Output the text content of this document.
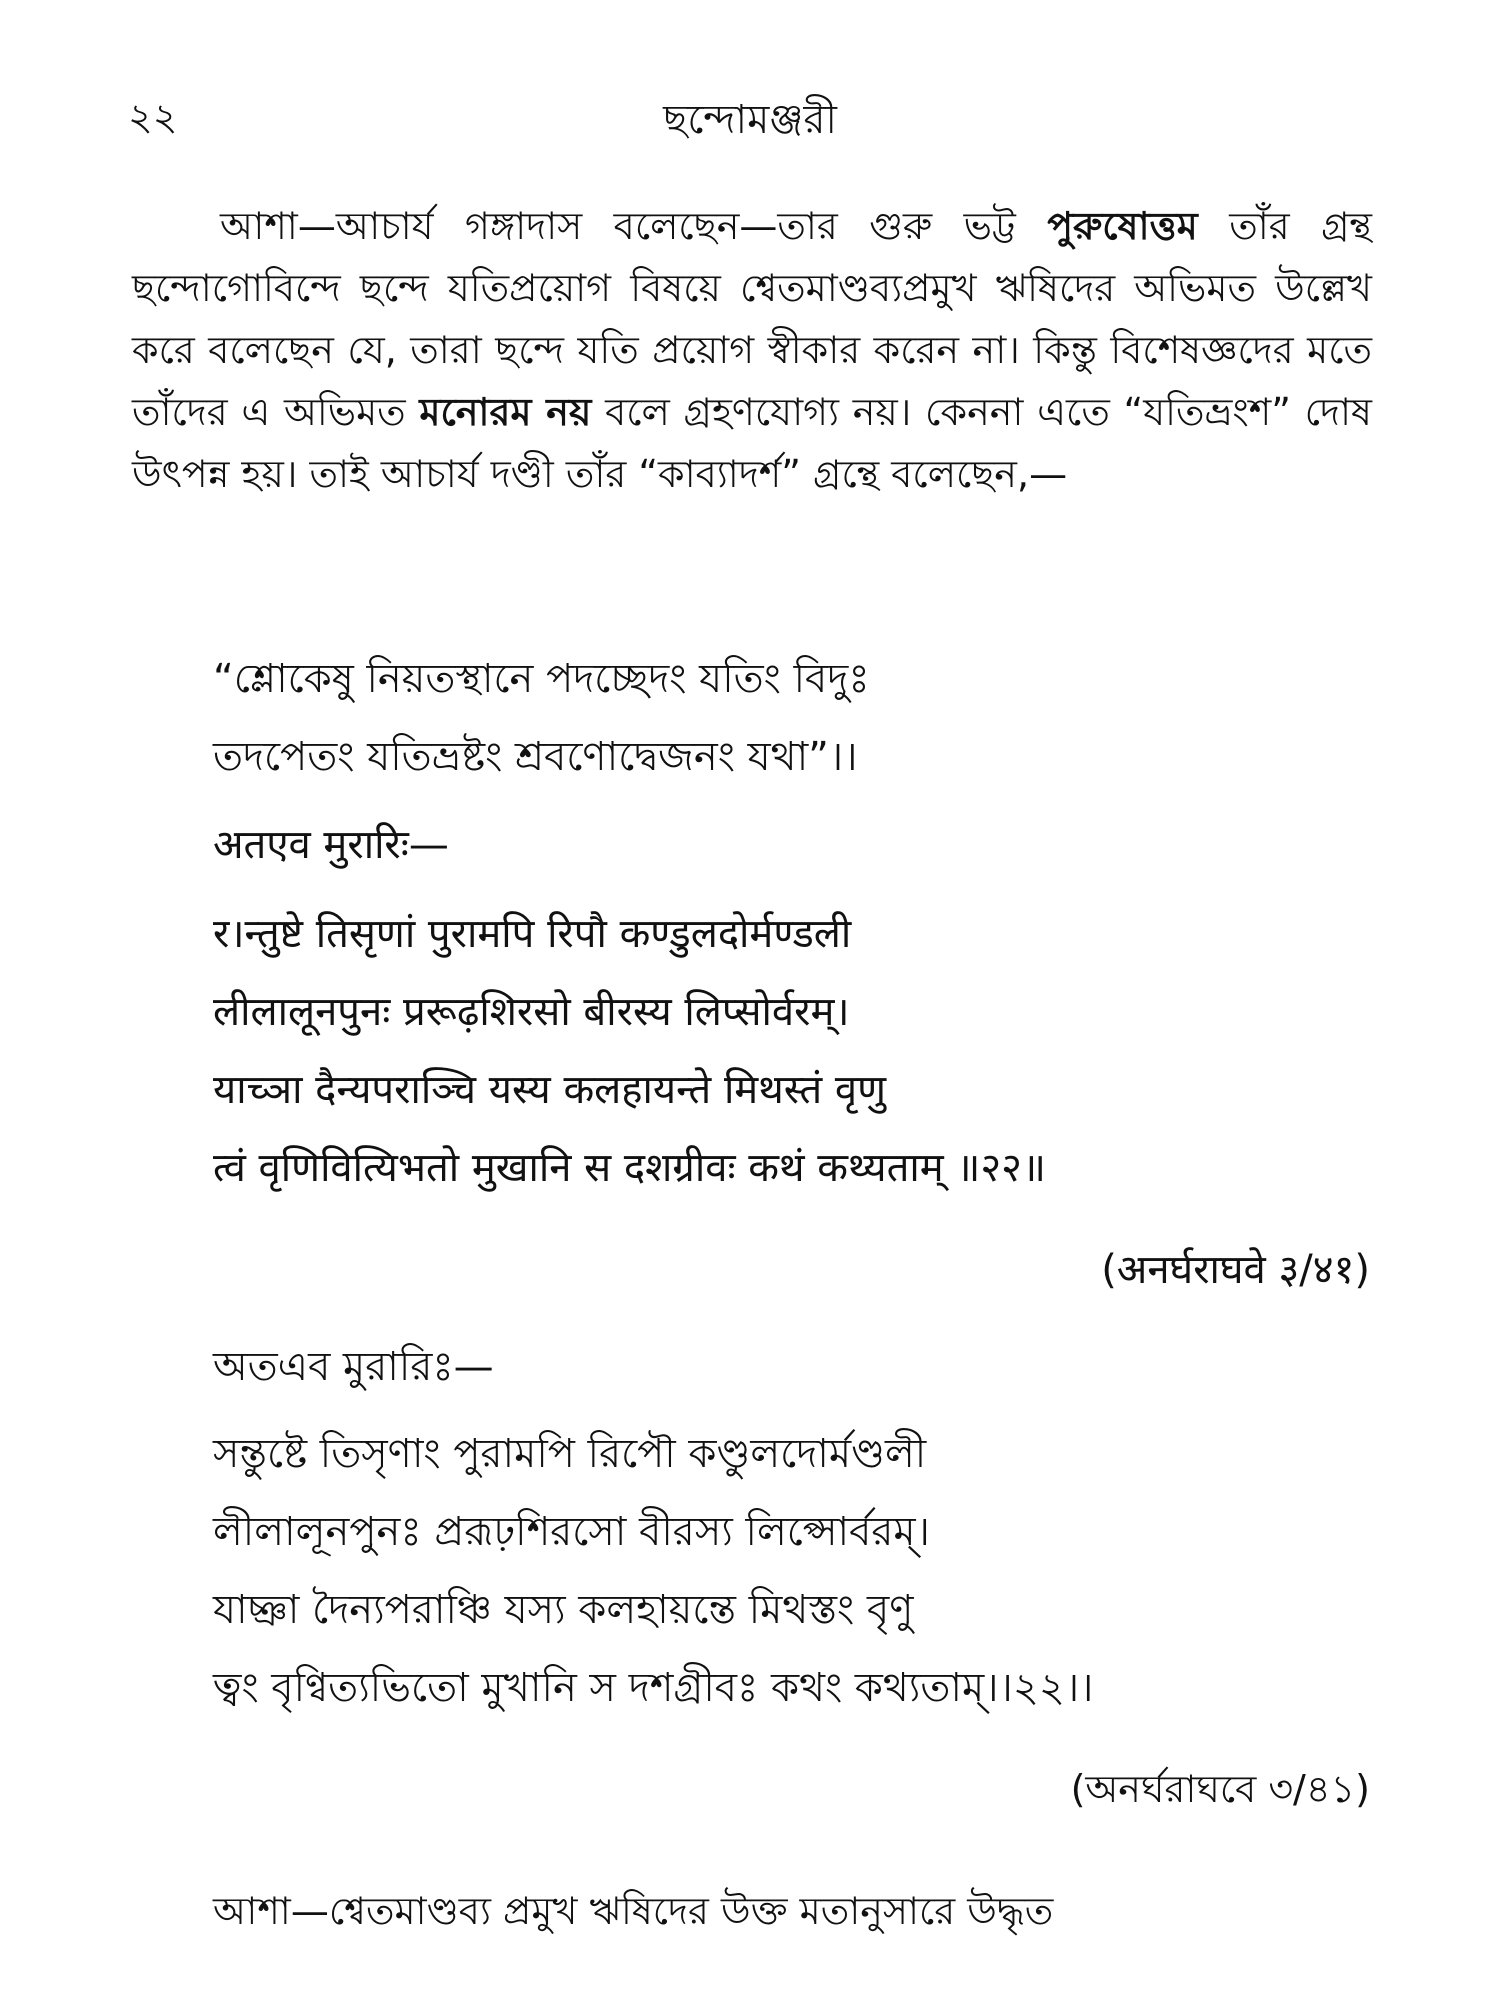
ছন্দোমঞ্জরী
২২
আশা—আচার্য গঙ্গাদাস বলেছেন—তার গুরু ভট্ট পুরুষোত্তম তাঁর গ্রন্থ ছন্দোগোবিন্দে ছন্দে যতিপ্রয়োগ বিষয়ে শ্বেতমাণ্ডব্যপ্রমুখ ঋষিদের অভিমত উল্লেখ করে বলেছেন যে, তারা ছন্দে যতি প্রয়োগ স্বীকার করেন না। কিন্তু বিশেষজ্ঞদের মতে তাঁদের এ অভিমত মনোরম নয় বলে গ্রহণযোগ্য নয়। কেননা এতে “যতিভ্রংশ” দোষ উৎপন্ন হয়। তাই আচার্য দণ্ডী তাঁর “কাব্যাদর্শ” গ্রন্থে বলেছেন,—
“শ্লোকেষু নিয়তস্থানে পদচ্ছেদং যতিং বিদুঃ
তদপেতং যতিভ্রষ্টং শ্রবণোদ্বেজনং যথা”।।
अतएव मुरारिः—
र।न्तुष्टे तिसृणां पुरामपि रिपौ कण्डुलदोर्मण्डली
लीलालूनपुनः प्ररूढ़शिरसो बीरस्य लिप्सोर्वरम्।
याच्ञा दैन्यपराञ्चि यस्य कलहायन्ते मिथस्तं वृणु
त्वं वृणिवित्यिभतो मुखानि स दशग्रीवः कथं कथ्यताम् ॥२२॥
(अनर्घराघवे ३/४१)
অতএব মুরারিঃ—
সন্তুষ্টে তিসৃণাং পুরামপি রিপৌ কণ্ডুলদোর্মণ্ডলী
লীলালূনপুনঃ প্ররূঢ়শিরসো বীরস্য লিপ্সোর্বরম্।
যাচ্ঞা দৈন্যপরাঞ্চি যস্য কলহায়ন্তে মিথস্তং বৃণু
ত্বং বৃণ্বিত্যভিতো মুখানি স দশগ্রীবঃ কথং কথ্যতাম্।।২২।।
(অনর্ঘরাঘবে ৩/৪১)
আশা—শ্বেতমাণ্ডব্য প্রমুখ ঋষিদের উক্ত মতানুসারে উদ্ধৃত
